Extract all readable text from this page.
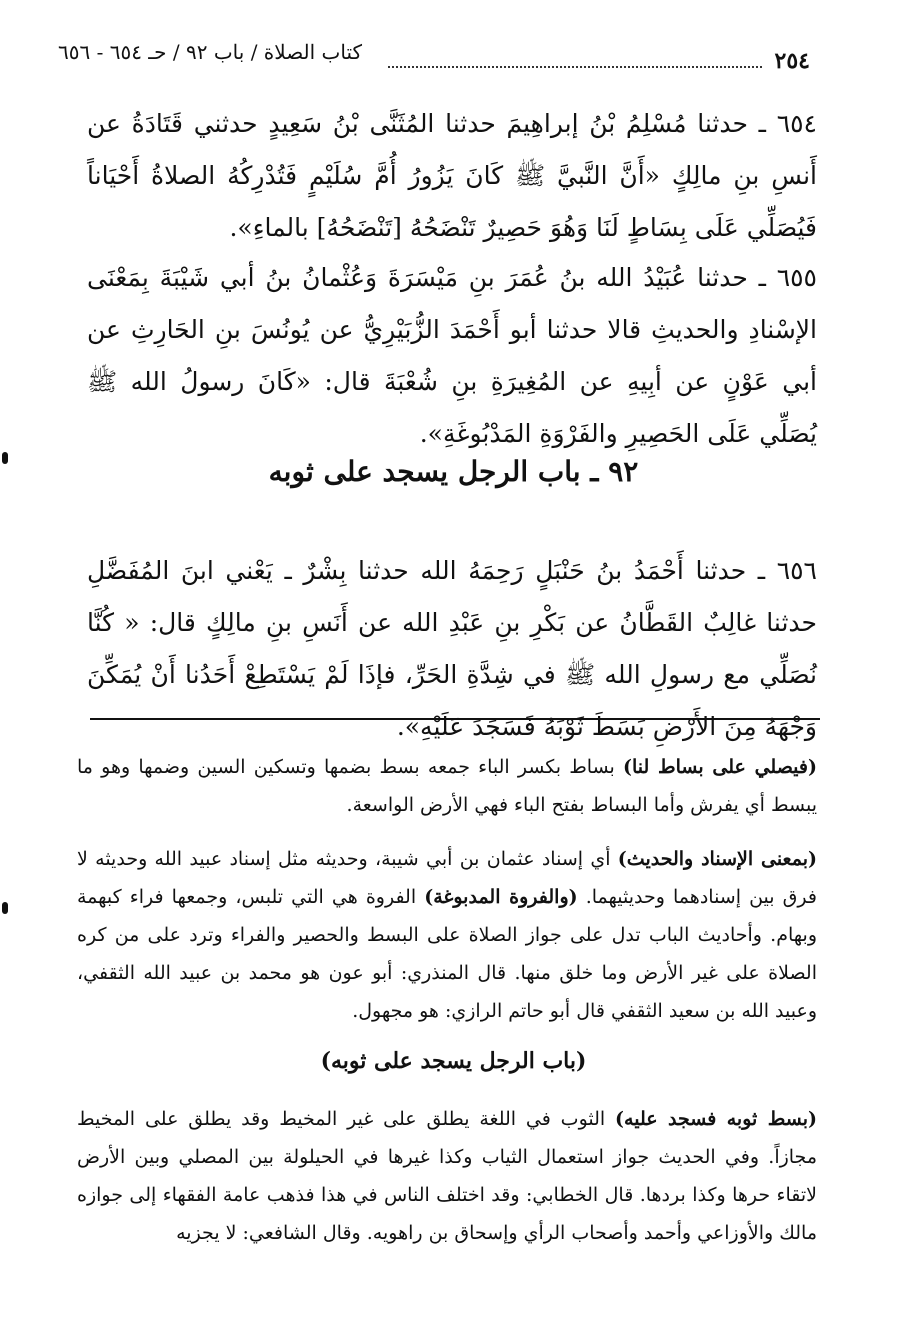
٢٥٤
كتاب الصلاة / باب ٩٢ / حـ ٦٥٤ - ٦٥٦
٦٥٤ ـ حدثنا مُسْلِمُ بْنُ إبراهِيمَ حدثنا المُثَنَّى بْنُ سَعِيدٍ حدثني قَتَادَةُ عن أَنسِ بنِ مالِكٍ «أَنَّ النَّبيَّ ﷺ كَانَ يَزُورُ أُمَّ سُلَيْمٍ فَتُدْرِكُهُ الصلاةُ أَحْيَاناً فَيُصَلِّي عَلَى بِسَاطٍ لَنَا وَهُوَ حَصِيرٌ تَنْضَحُهُ [تَنْضَحُهُ] بالماءِ».
٦٥٥ ـ حدثنا عُبَيْدُ الله بنُ عُمَرَ بنِ مَيْسَرَةَ وَعُثْمانُ بنُ أبي شَيْبَةَ بِمَعْنَى الإسْنادِ والحديثِ قالا حدثنا أبو أَحْمَدَ الزُّبَيْرِيُّ عن يُونُسَ بنِ الحَارِثِ عن أبي عَوْنٍ عن أبِيهِ عن المُغِيرَةِ بنِ شُعْبَةَ قال: «كَانَ رسولُ الله ﷺ يُصَلِّي عَلَى الحَصِيرِ والفَرْوَةِ المَدْبُوغَةِ».
٩٢ ـ باب الرجل يسجد على ثوبه
٦٥٦ ـ حدثنا أَحْمَدُ بنُ حَنْبَلٍ رَحِمَهُ الله حدثنا بِشْرٌ ـ يَعْني ابنَ المُفَضَّلِ حدثنا غالِبٌ القَطَّانُ عن بَكْرِ بنِ عَبْدِ الله عن أَنَسِ بنِ مالِكٍ قال: « كُنَّا نُصَلِّي مع رسولِ الله ﷺ في شِدَّةِ الحَرِّ، فإذَا لَمْ يَسْتَطِعْ أَحَدُنا أَنْ يُمَكِّنَ وَجْهَهُ مِنَ الأَرْضِ بَسَطَ ثَوْبَهُ فَسَجَدَ عَلَيْهِ».
(فيصلي على بساط لنا) بساط بكسر الباء جمعه بسط بضمها وتسكين السين وضمها وهو ما يبسط أي يفرش وأما البساط بفتح الباء فهي الأرض الواسعة.
(بمعنى الإسناد والحديث) أي إسناد عثمان بن أبي شيبة، وحديثه مثل إسناد عبيد الله وحديثه لا فرق بين إسنادهما وحديثيهما. (والفروة المدبوغة) الفروة هي التي تلبس، وجمعها فراء كبهمة وبهام. وأحاديث الباب تدل على جواز الصلاة على البسط والحصير والفراء وترد على من كره الصلاة على غير الأرض وما خلق منها. قال المنذري: أبو عون هو محمد بن عبيد الله الثقفي، وعبيد الله بن سعيد الثقفي قال أبو حاتم الرازي: هو مجهول.
(باب الرجل يسجد على ثوبه)
(بسط ثوبه فسجد عليه) الثوب في اللغة يطلق على غير المخيط وقد يطلق على المخيط مجازاً. وفي الحديث جواز استعمال الثياب وكذا غيرها في الحيلولة بين المصلي وبين الأرض لاتقاء حرها وكذا بردها. قال الخطابي: وقد اختلف الناس في هذا فذهب عامة الفقهاء إلى جوازه مالك والأوزاعي وأحمد وأصحاب الرأي وإسحاق بن راهويه. وقال الشافعي: لا يجزيه
